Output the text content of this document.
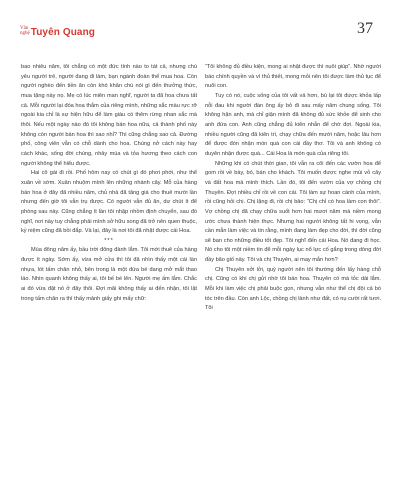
Văn
nghệ Tuyên Quang	37

bao nhiêu năm, tôi chẳng có một đức tính nào to tát cả, nhưng chú yêu người trẻ, người đang đi làm, bạn ngành đoàn thể mua hoa. Còn người nghèo đến tiền ăn còn khó khăn chú nói gì đến thưởng thức, mua tặng này nọ. Mẹ có lúc miên man nghĩ, người ta đã hoa chưa tất cả. Mỗi người lại đóa hoa thắm của riêng mình, những sắc màu rực rỡ ngoài kia chỉ là sự hiện hữu để làm giàu có thêm rừng nhan sắc mà thôi. Nếu một ngày nào đó tôi không bán hoa nữa, cả thành phố này không còn người bán hoa thì sao nhỉ? Thì cũng chẳng sao cả. Đường phố, công viên vẫn có chỗ dành cho hoa. Chúng nở cách này hay cách khác, sống đời chúng, nhảy múa và tỏa hương theo cách con người không thể hiểu được.

Hai cô gái đi rồi. Phố hôm nay có chút gì đó phơi phới, như thể xuân về sớm. Xuân nhuộm mình lên những nhánh cây. Mỗ của hàng bán hoa ở đây đã nhiều năm, chủ nhà đã tăng giá cho thuê mười lần nhưng đến giờ tôi vẫn trụ được. Có người vẫn đủ ăn, dư chút ít để phòng sau này. Cũng chẳng ít lần tôi nhập nhồm định chuyển, sau đó nghĩ, nơi này tuy chẳng phải mình sở hữu song đã trở nên quen thuộc, kỷ niệm cũng đã bồi đắp. Và lại, đây là nơi tôi đã nhặt được cái Hoa.

***

Mùa đông năm ấy, bầu trời đông đành lắm. Tôi mới thuê của hàng được ít ngày. Sớm ấy, vừa mở cửa thì tôi đã nhìn thấy một cái làn nhựa, lót tấm chăn nhỏ, bên trong là một đứa bé đang mở mắt thao láo. Nhìn quanh không thấy ai, tôi bế bé lên. Người mẹ ấm lắm. Chắc ai đó vừa đặt nó ở đây thôi. Đợi mãi không thấy ai đến nhận, tôi lật trong tấm chăn ra thì thấy mảnh giấy ghi mấy chữ:

“Tôi không đủ điều kiện, mong ai nhặt được thì nuôi giúp”. Nhờ người báo chính quyền và vì thủ thiết, mong mỏi nên tôi được làm thủ tục để nuôi con.

Tuy có nó, cuộc sống của tôi vất vả hơn, bù lại tôi được khỏa lấp nỗi đau khi người đàn ông ấy bỏ đi sau mấy năm chung sống. Tôi không hận anh, mà chỉ giận mình đã không đủ sức khỏe để sinh cho anh đứa con. Anh cũng chẳng đủ kiên nhẫn để chờ đợi. Ngoài kia, nhiều người cũng đã kiên trì, chạy chữa đến mười năm, hoặc lâu hơn để được đón nhận món quà con cái đầy thơ. Tôi và anh không có duyên nhận được quà... Cái Hoa là món quà của riêng tôi.

Những khi có chút thời gian, tôi vẫn ra cõi đến các vườn hoa để gom rồi về bày, bó, bán cho khách. Tôi muốn được nghe mùi vỏ cây và đất hoa mà mình thích. Lần đó, tôi đến vườn của vợ chồng chị Thuyên. Đợi nhiều chỉ rồi về con cái. Tôi làm sự hoan cành của mình, rồi cũng hỏi chị. Chị lặng đi, rồi chị bảo: “Chị chỉ có hoa làm con thôi”. Vợ chồng chị đã chạy chữa suốt hơn hai mươi năm mà niềm mong ước chưa thành hiện thực. Nhưng hai người không tất hi vọng, vẫn cần mẫn làm việc và tin rằng, mình đang làm đẹp cho đời, thì đời cũng sẽ ban cho những điều tốt đẹp. Tôi nghĩ đến cái Hoa. Nó đang đi học. Nó cho tôi một niềm tin để mỗi ngày lục nổ lực cố gắng trong dòng đời đầy bão giố này. Tôi và chị Thuyên, ai may mắn hơn?

Chị Thuyên xởi lởi, quý người nên tôi thường đến lấy hàng chỗ chị. Cũng có khi chị gửi nhờ tôi bán hoa. Thuyên có mà tỏc dài lắm. Mỗi khi làm việc chị phải buộc gọn, nhưng vẫn như thể chị đội cả bó tóc trên đầu. Còn anh Lộc, chồng chị lành như đất, có nụ cười rất tươi. Tôi
